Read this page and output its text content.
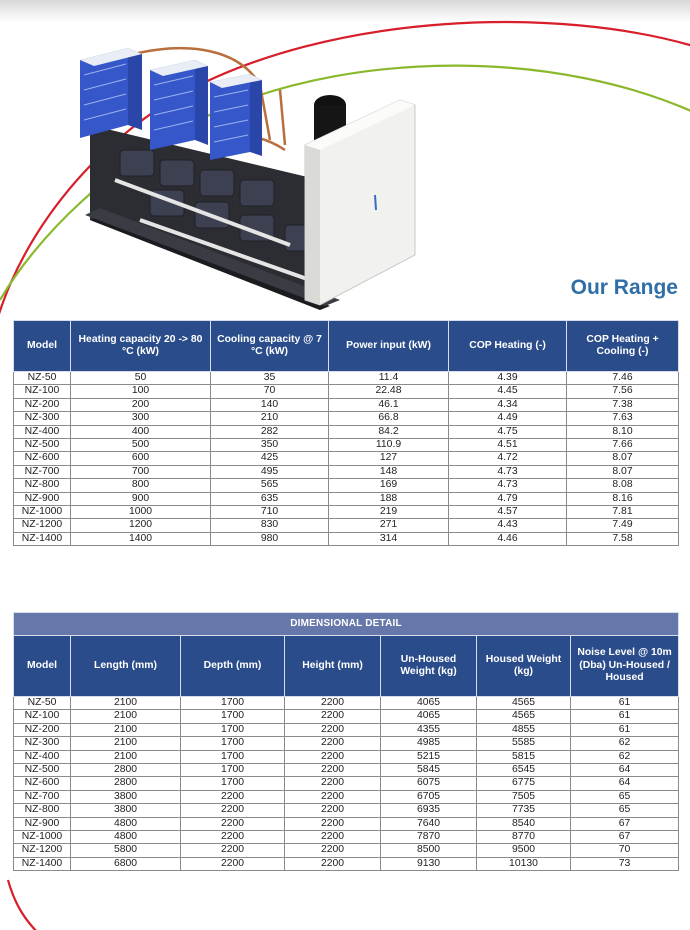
Our Range
Model	Heating capacity 20 -> 80 °C (kW)	Cooling capacity @ 7 °C (kW)	Power input (kW)	COP Heating (-)	COP Heating + Cooling (-)
NZ-50	50	35	11.4	4.39	7.46
NZ-100	100	70	22.48	4.45	7.56
NZ-200	200	140	46.1	4.34	7.38
NZ-300	300	210	66.8	4.49	7.63
NZ-400	400	282	84.2	4.75	8.10
NZ-500	500	350	110.9	4.51	7.66
NZ-600	600	425	127	4.72	8.07
NZ-700	700	495	148	4.73	8.07
NZ-800	800	565	169	4.73	8.08
NZ-900	900	635	188	4.79	8.16
NZ-1000	1000	710	219	4.57	7.81
NZ-1200	1200	830	271	4.43	7.49
NZ-1400	1400	980	314	4.46	7.58
DIMENSIONAL DETAIL						
Model	Length (mm)	Depth (mm)	Height (mm)	Un-Housed Weight (kg)	Housed Weight (kg)	Noise Level @ 10m (Dba) Un-Housed / Housed
NZ-50	2100	1700	2200	4065	4565	61
NZ-100	2100	1700	2200	4065	4565	61
NZ-200	2100	1700	2200	4355	4855	61
NZ-300	2100	1700	2200	4985	5585	62
NZ-400	2100	1700	2200	5215	5815	62
NZ-500	2800	1700	2200	5845	6545	64
NZ-600	2800	1700	2200	6075	6775	64
NZ-700	3800	2200	2200	6705	7505	65
NZ-800	3800	2200	2200	6935	7735	65
NZ-900	4800	2200	2200	7640	8540	67
NZ-1000	4800	2200	2200	7870	8770	67
NZ-1200	5800	2200	2200	8500	9500	70
NZ-1400	6800	2200	2200	9130	10130	73
